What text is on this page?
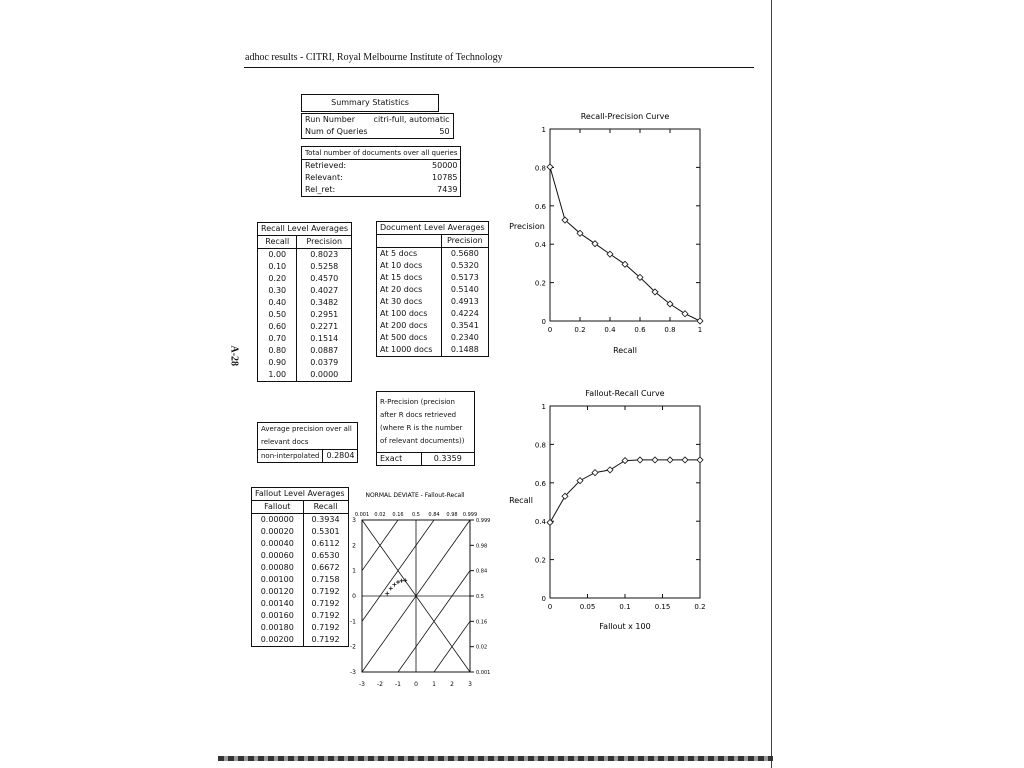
adhoc results - CITRI, Royal Melbourne Institute of Technology
A-28
Summary Statistics
Run Number	citri-full, automatic
Num of Queries	50
Total number of documents over all queries	
Retrieved:	50000
Relevant:	10785
Rel_ret:	7439
Recall Level Averages	
Recall	Precision
0.00	0.8023
0.10	0.5258
0.20	0.4570
0.30	0.4027
0.40	0.3482
0.50	0.2951
0.60	0.2271
0.70	0.1514
0.80	0.0887
0.90	0.0379
1.00	0.0000
Average precision over all relevant docs
non-interpolated	0.2804
Document Level Averages	
	Precision
At 5 docs	0.5680
At 10 docs	0.5320
At 15 docs	0.5173
At 20 docs	0.5140
At 30 docs	0.4913
At 100 docs	0.4224
At 200 docs	0.3541
At 500 docs	0.2340
At 1000 docs	0.1488
R-Precision (precision after R docs retrieved (where R is the number of relevant documents))
Exact	0.3359
Fallout Level Averages	
Fallout	Recall
0.00000	0.3934
0.00020	0.5301
0.00040	0.6112
0.00060	0.6530
0.00080	0.6672
0.00100	0.7158
0.00120	0.7192
0.00140	0.7192
0.00160	0.7192
0.00180	0.7192
0.00200	0.7192
Recall-Precision Curve
0	0.2	0.4	0.6	0.8	1
0
0.2
0.4
0.6
0.8
1
Recall
Precision
Fallout-Recall Curve
0	0.05	0.1	0.15	0.2
0
0.2
0.4
0.6
0.8
1
Fallout x 100
Recall
NORMAL DEVIATE - Fallout-Recall
-3 -2 -1 0 1 2 3
0.001 0.02 0.16 0.5 0.84 0.98 0.999
3
2
1
0
-1
-2
-3
0.999
0.98
0.84
0.5
0.16
0.02
0.001
